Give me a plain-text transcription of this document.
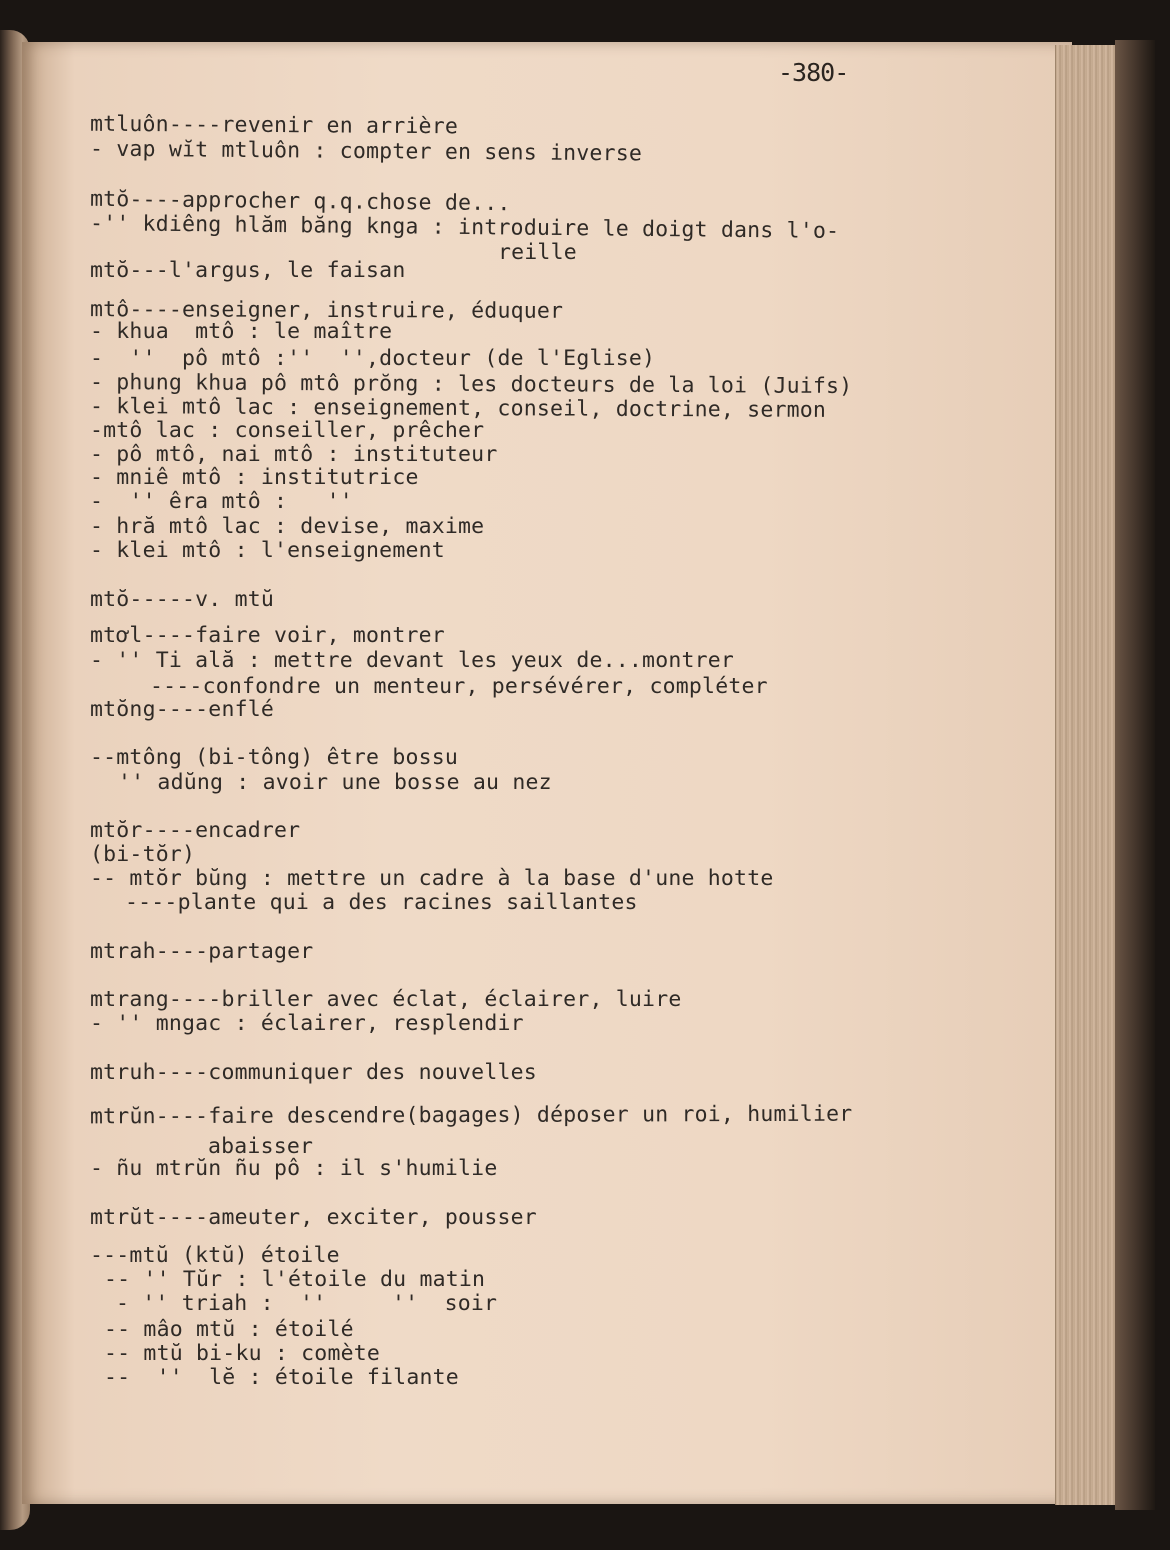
-380-
mtluôn----revenir en arrière
- vap wĭt mtluôn : compter en sens inverse
mtŏ----approcher q.q.chose de...
-'' kdiêng hlăm băng knga : introduire le doigt dans l'o-
reille
mtŏ---l'argus, le faisan
mtô----enseigner, instruire, éduquer
- khua  mtô : le maître
-  ''  pô mtô :''  '',docteur (de l'Eglise)
- phung khua pô mtô prŏng : les docteurs de la loi (Juifs)
- klei mtô lac : enseignement, conseil, doctrine, sermon
-mtô lac : conseiller, prêcher
- pô mtô, nai mtô : instituteur
- mniê mtô : institutrice
-  '' êra mtô :   ''
- hră mtô lac : devise, maxime
- klei mtô : l'enseignement
mtŏ-----v. mtŭ
mtơl----faire voir, montrer
- '' Ti ală : mettre devant les yeux de...montrer
----confondre un menteur, persévérer, compléter
mtŏng----enflé
--mtông (bi-tông) être bossu
'' adŭng : avoir une bosse au nez
mtŏr----encadrer
(bi-tŏr)
-- mtŏr bŭng : mettre un cadre à la base d'une hotte
----plante qui a des racines saillantes
mtrah----partager
mtrang----briller avec éclat, éclairer, luire
- '' mngac : éclairer, resplendir
mtruh----communiquer des nouvelles
mtrŭn----faire descendre(bagages) déposer un roi, humilier
abaisser
- ñu mtrŭn ñu pô : il s'humilie
mtrŭt----ameuter, exciter, pousser
---mtŭ (ktŭ) étoile
-- '' Tŭr : l'étoile du matin
- '' triah :  ''     ''  soir
-- mâo mtŭ : étoilé
-- mtŭ bi-ku : comète
--  ''  lĕ : étoile filante
